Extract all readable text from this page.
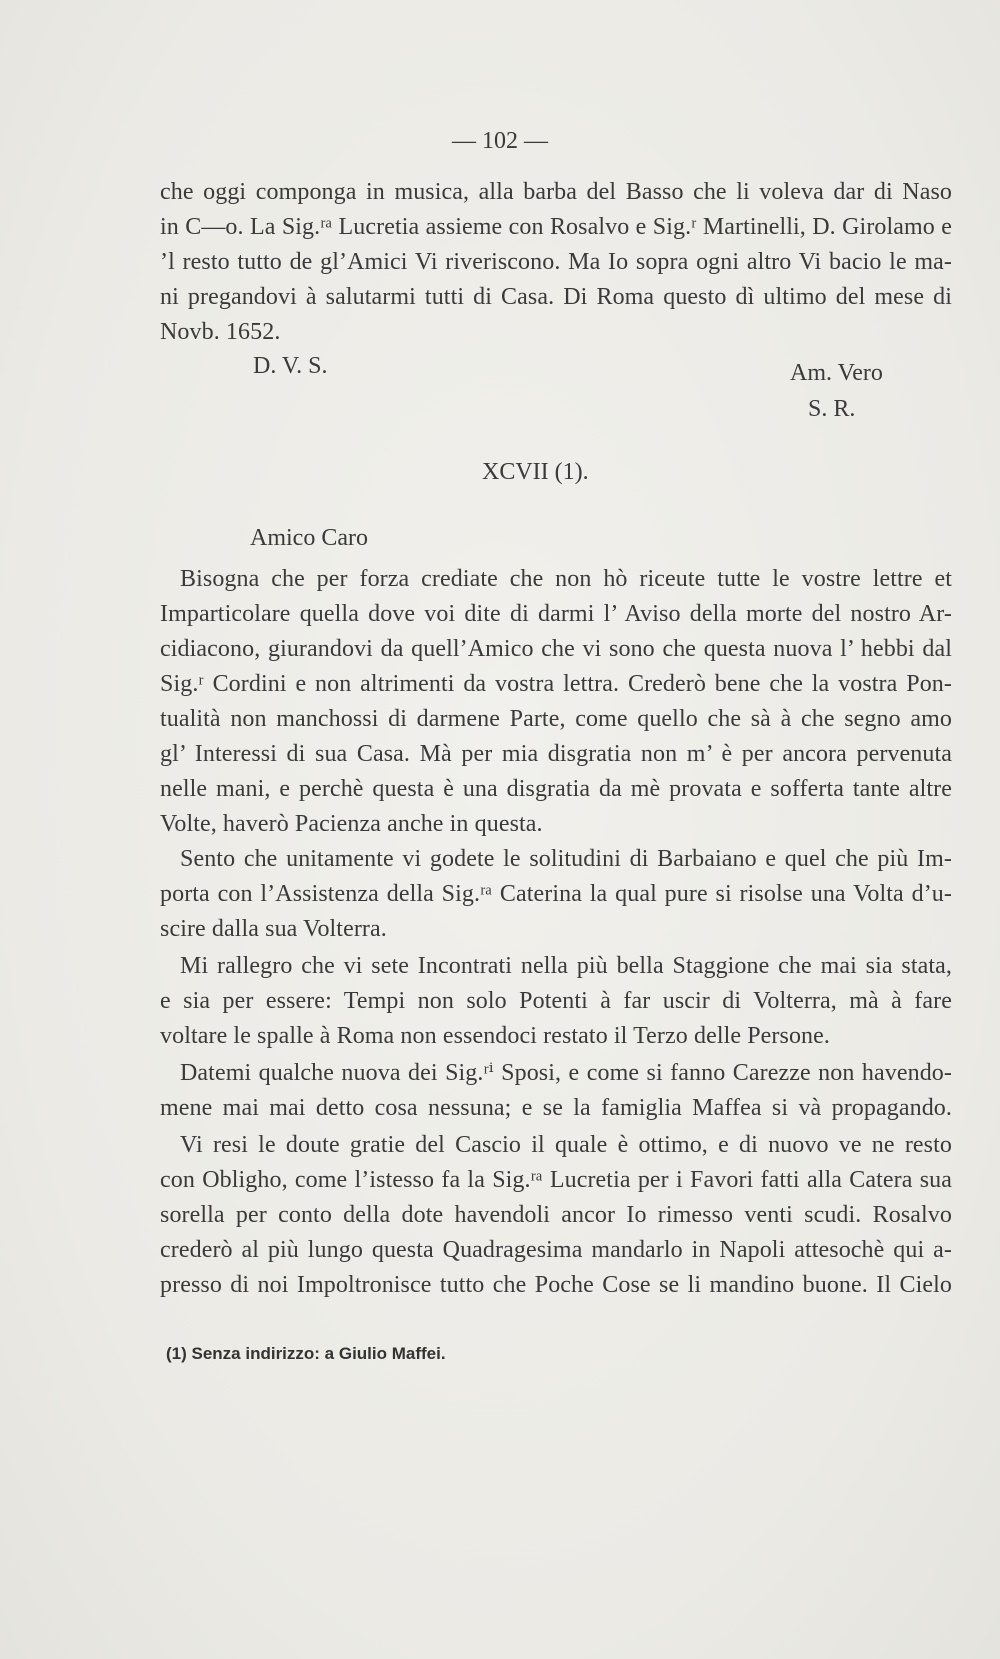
— 102 —

che oggi componga in musica, alla barba del Basso che li voleva dar di Naso

in C—o. La Sig.ʳᵃ Lucretia assieme con Rosalvo e Sig.ʳ Martinelli, D. Girolamo e

’l resto tutto de gl’Amici Vi riveriscono. Ma Io sopra ogni altro Vi bacio le ma-

ni pregandovi à salutarmi tutti di Casa. Di Roma questo dì ultimo del mese di

Novb. 1652.

D. V. S.	Am. Vero

S. R.

XCVII (1).

Amico Caro

Bisogna che per forza crediate che non hò riceute tutte le vostre lettre et

Imparticolare quella dove voi dite di darmi l’ Aviso della morte del nostro Ar-

cidiacono, giurandovi da quell’Amico che vi sono che questa nuova l’ hebbi dal

Sig.ʳ Cordini e non altrimenti da vostra lettra. Crederò bene che la vostra Pon-

tualità non manchossi di darmene Parte, come quello che sà à che segno amo

gl’ Interessi di sua Casa. Mà per mia disgratia non m’ è per ancora pervenuta

nelle mani, e perchè questa è una disgratia da mè provata e sofferta tante altre

Volte, haverò Pacienza anche in questa.

Sento che unitamente vi godete le solitudini di Barbaiano e quel che più Im-

porta con l’Assistenza della Sig.ʳᵃ Caterina la qual pure si risolse una Volta d’u-

scire dalla sua Volterra.

Mi rallegro che vi sete Incontrati nella più bella Staggione che mai sia stata,

e sia per essere: Tempi non solo Potenti à far uscir di Volterra, mà à fare

voltare le spalle à Roma non essendoci restato il Terzo delle Persone.

Datemi qualche nuova dei Sig.ʳⁱ Sposi, e come si fanno Carezze non havendo-

mene mai mai detto cosa nessuna; e se la famiglia Maffea si và propagando.

Vi resi le doute gratie del Cascio il quale è ottimo, e di nuovo ve ne resto

con Obligho, come l’istesso fa la Sig.ʳᵃ Lucretia per i Favori fatti alla Catera sua

sorella per conto della dote havendoli ancor Io rimesso venti scudi. Rosalvo

crederò al più lungo questa Quadragesima mandarlo in Napoli attesochè qui a-

presso di noi Impoltronisce tutto che Poche Cose se li mandino buone. Il Cielo

(1) Senza indirizzo: a Giulio Maffei.
